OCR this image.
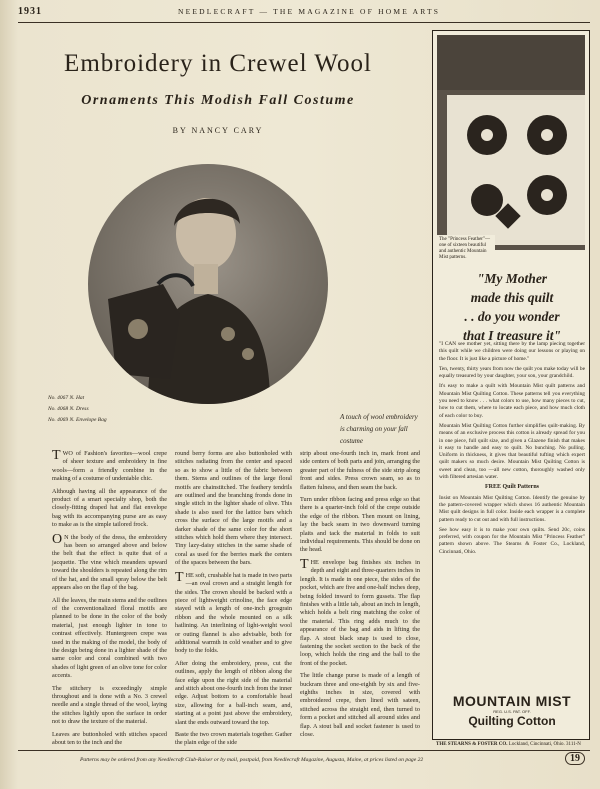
1931	NEEDLECRAFT — THE MAGAZINE OF HOME ARTS
Embroidery in Crewel Wool
Ornaments This Modish Fall Costume
BY NANCY CARY
No. 4067 N. Hat
No. 4068 N. Dress
No. 4069 N. Envelope Bag	A touch of wool embroidery is charming on your fall costume

TWO of Fashion's favorites—wool crepe of sheer texture and embroidery in fine wools—form a friendly combine in the making of a costume of undeniable chic.

Although having all the appearance of the product of a smart specialty shop, both the closely-fitting draped hat and flat envelope bag with its accompanying purse are as easy to make as is the simple tailored frock.

ON the body of the dress, the embroidery has been so arranged above and below the belt that the effect is quite that of a jacquette. The vine which meanders upward toward the shoulders is repeated along the rim of the hat, and the small spray below the belt appears also on the flap of the bag.

All the leaves, the main stems and the outlines of the conventionalized floral motifs are planned to be done in the color of the body material, just enough lighter in tone to contrast effectively. Huntergreen crepe was used in the making of the model, the body of the design being done in a lighter shade of the same color and coral combined with two shades of light green of an olive tone for color accents.

The stitchery is exceedingly simple throughout and is done with a No. 3 crewel needle and a single thread of the wool, laying the stitches lightly upon the surface in order not to draw the texture of the material.

Leaves are buttonholed with stitches spaced about ten to the inch and the

round berry forms are also buttonholed with stitches radiating from the center and spaced so as to show a little of the fabric between them. Stems and outlines of the large floral motifs are chainstitched. The feathery tendrils are outlined and the branching fronds done in single stitch in the lighter shade of olive. This shade is also used for the lattice bars which cross the surface of the large motifs and a darker shade of the same color for the short stitches which hold them where they intersect. Tiny lazy-daisy stitches in the same shade of coral as used for the berries mark the centers of the spaces between the bars.

THE soft, crushable hat is made in two parts—an oval crown and a straight length for the sides. The crown should be backed with a piece of lightweight crinoline, the face edge stayed with a length of one-inch grosgrain ribbon and the whole mounted on a silk hatlining. An interlining of light-weight wool or outing flannel is also advisable, both for additional warmth in cold weather and to give body to the folds.

After doing the embroidery, press, cut the outlines, apply the length of ribbon along the face edge upon the right side of the material and stitch about one-fourth inch from the inner edge. Adjust bottom to a comfortable head size, allowing for a ball-inch seam, and, starting at a point just above the embroidery, slant the ends outward toward the top.

Baste the two crown materials together. Gather the plain edge of the side

strip about one-fourth inch in, mark front and side centers of both parts and join, arranging the greater part of the fulness of the side strip along front and sides. Press crown seam, so as to flatten fulness, and then seam the back.

Turn under ribbon facing and press edge so that there is a quarter-inch fold of the crepe outside the edge of the ribbon. Then mount on lining, lay the back seam in two downward turning plaits and tack the material in folds to suit individual requirements. This should be done on the head.

THE envelope bag finishes six inches in depth and eight and three-quarters inches in length. It is made in one piece, the sides of the pocket, which are five and one-half inches deep, being folded inward to form gussets. The flap finishes with a little tab, about an inch in length, which holds a belt ring matching the color of the material. This ring adds much to the appearance of the bag and aids in lifting the flap. A stout black snap is used to close, fastening the socket section to the back of the loop, which holds the ring and the ball to the front of the pocket.

The little change purse is made of a length of buckram three and one-eighth by six and five-eighths inches in size, covered with embroidered crepe, then lined with sateen, stitched across the straight end, then turned to form a pocket and stitched all around sides and flap. A stout ball and socket fastener is used to close.

The "Princess Feather"—one of sixteen beautiful and authentic Mountain Mist patterns.
"My Mother
made this quilt
. . do you wonder
that I treasure it"

"I CAN see mother yet, sitting there by the lamp piecing together this quilt while we children were doing our lessons or playing on the floor. It is just like a picture of home."

Ten, twenty, thirty years from now the quilt you make today will be equally treasured by your daughter, your son, your grandchild.

It's easy to make a quilt with Mountain Mist quilt patterns and Mountain Mist Quilting Cotton. These patterns tell you everything you need to know . . . what colors to use, how many pieces to cut, how to cut them, where to locate each piece, and how much cloth of each color to buy.

Mountain Mist Quilting Cotton further simplifies quilt-making. By means of an exclusive process this cotton is already spread for you in one piece, full quilt size, and given a Glazene finish that makes it easy to handle and easy to quilt. No bunching. No pulling. Uniform in thickness, it gives that beautiful tufting which expert quilt makers so much desire. Mountain Mist Quilting Cotton is sweet and clean, too —all new cotton, thoroughly washed only with filtered artesian water.

FREE Quilt Patterns

Insist on Mountain Mist Quilting Cotton. Identify the genuine by the pattern-covered wrapper which shows 16 authentic Mountain Mist quilt designs in full color. Inside each wrapper is a complete pattern ready to cut out and with full instructions.

See how easy it is to make your own quilts. Send 20c, coins preferred, with coupon for the Mountain Mist "Princess Feather" pattern shown above. The Stearns & Foster Co., Lockland, Cincinnati, Ohio.

MOUNTAIN MIST
REG. U.S. PAT. OFF.
Quilting Cotton
THE STEARNS & FOSTER CO. Lockland, Cincinnati, Ohio. 3111-N
Patterns may be ordered from any Needlecraft Club-Raiser or by mail, postpaid, from Needlecraft Magazine, Augusta, Maine, at prices listed on page 22	19
